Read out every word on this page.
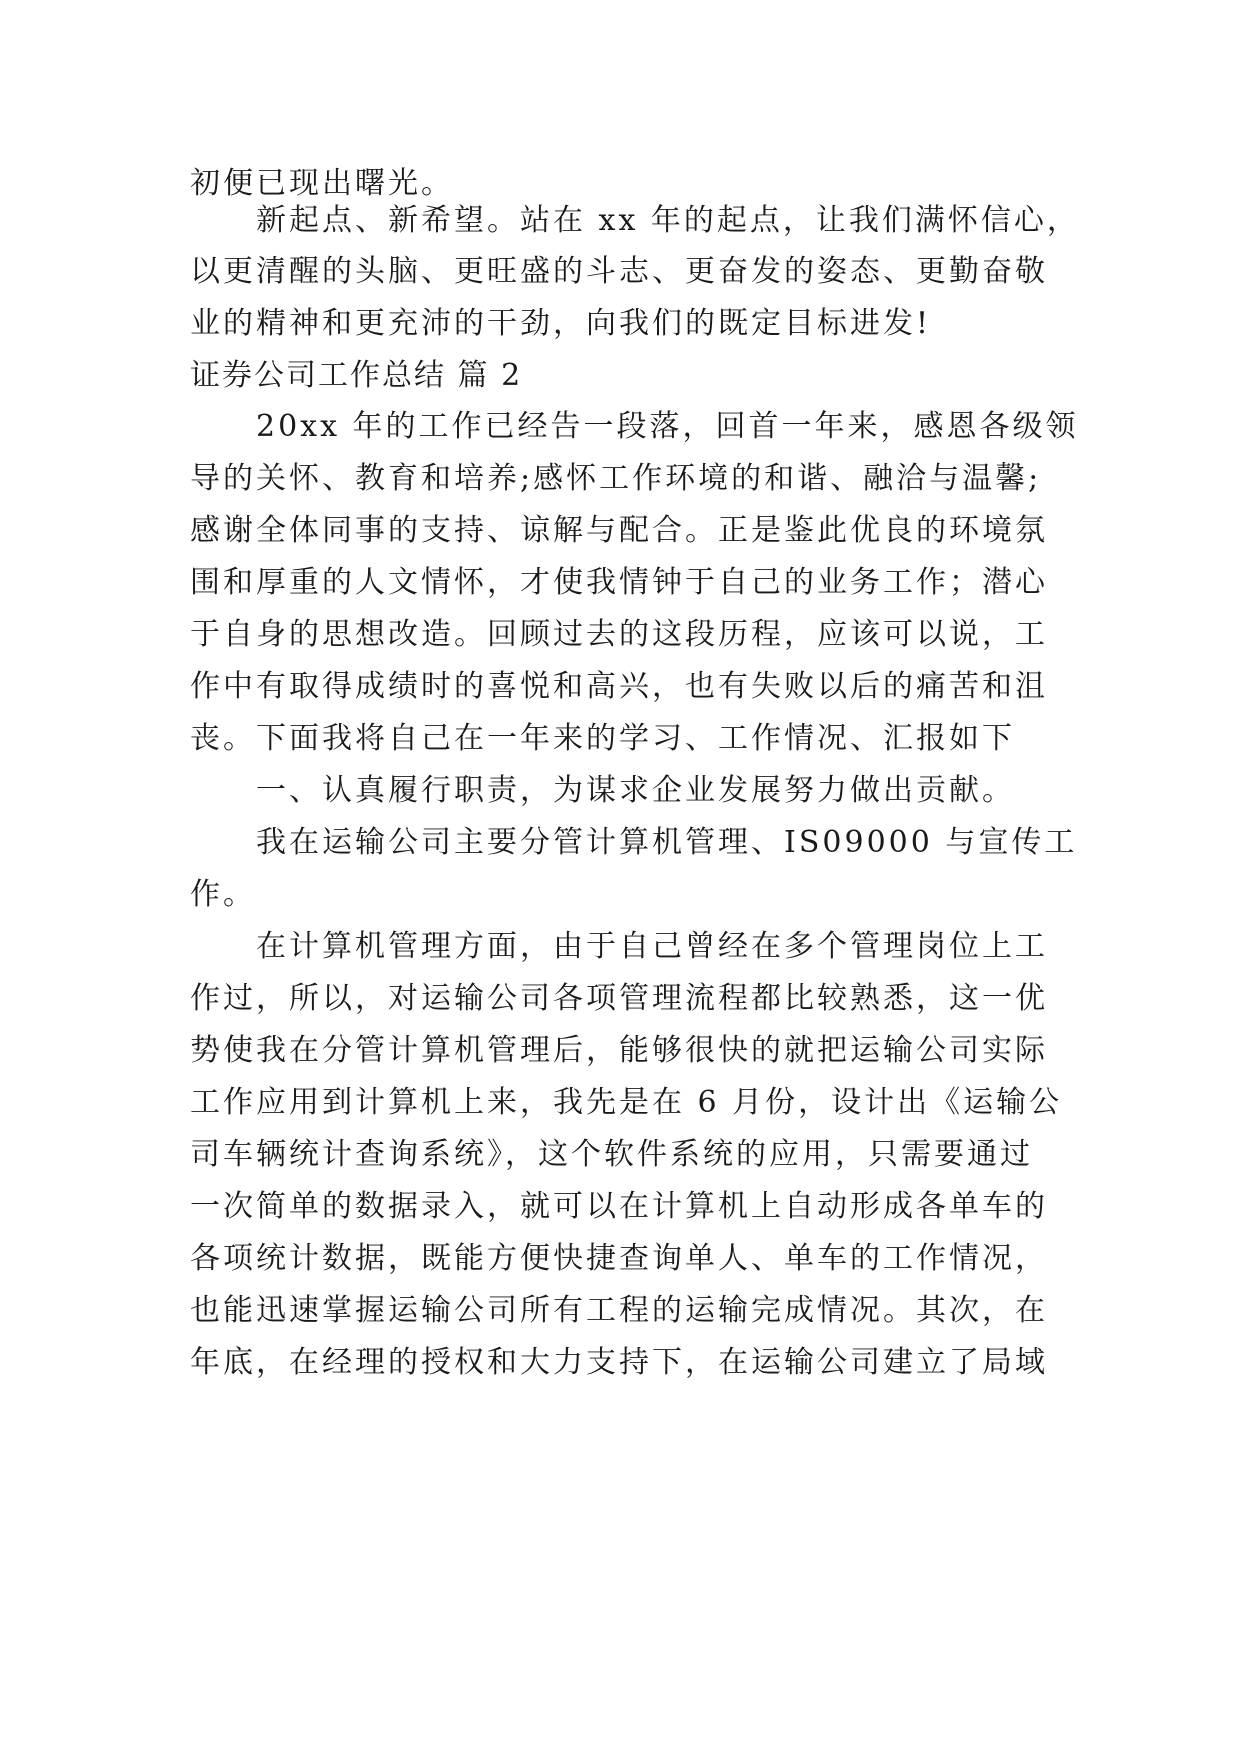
初便已现出曙光。
新起点、新希望。站在 xx 年的起点，让我们满怀信心，
以更清醒的头脑、更旺盛的斗志、更奋发的姿态、更勤奋敬
业的精神和更充沛的干劲，向我们的既定目标进发!
证券公司工作总结 篇 2
20xx 年的工作已经告一段落，回首一年来，感恩各级领
导的关怀、教育和培养;感怀工作环境的和谐、融洽与温馨;
感谢全体同事的支持、谅解与配合。正是鉴此优良的环境氛
围和厚重的人文情怀，才使我情钟于自己的业务工作；潜心
于自身的思想改造。回顾过去的这段历程，应该可以说，工
作中有取得成绩时的喜悦和高兴，也有失败以后的痛苦和沮
丧。下面我将自己在一年来的学习、工作情况、汇报如下
一、认真履行职责，为谋求企业发展努力做出贡献。
我在运输公司主要分管计算机管理、IS09000 与宣传工
作。
在计算机管理方面，由于自己曾经在多个管理岗位上工
作过，所以，对运输公司各项管理流程都比较熟悉，这一优
势使我在分管计算机管理后，能够很快的就把运输公司实际
工作应用到计算机上来，我先是在 6 月份，设计出《运输公
司车辆统计查询系统》，这个软件系统的应用，只需要通过
一次简单的数据录入，就可以在计算机上自动形成各单车的
各项统计数据，既能方便快捷查询单人、单车的工作情况，
也能迅速掌握运输公司所有工程的运输完成情况。其次，在
年底，在经理的授权和大力支持下，在运输公司建立了局域
